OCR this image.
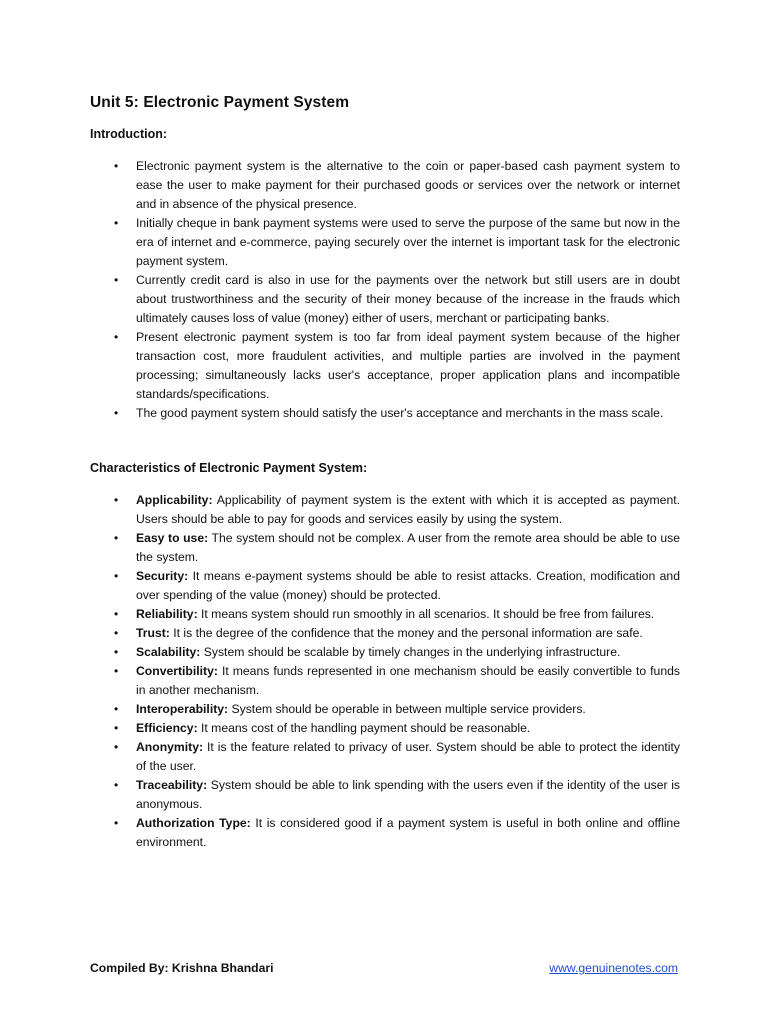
Unit 5: Electronic Payment System
Introduction:
• Electronic payment system is the alternative to the coin or paper-based cash payment system to ease the user to make payment for their purchased goods or services over the network or internet and in absence of the physical presence.
• Initially cheque in bank payment systems were used to serve the purpose of the same but now in the era of internet and e-commerce, paying securely over the internet is important task for the electronic payment system.
• Currently credit card is also in use for the payments over the network but still users are in doubt about trustworthiness and the security of their money because of the increase in the frauds which ultimately causes loss of value (money) either of users, merchant or participating banks.
• Present electronic payment system is too far from ideal payment system because of the higher transaction cost, more fraudulent activities, and multiple parties are involved in the payment processing; simultaneously lacks user's acceptance, proper application plans and incompatible standards/specifications.
• The good payment system should satisfy the user's acceptance and merchants in the mass scale.
Characteristics of Electronic Payment System:
• Applicability: Applicability of payment system is the extent with which it is accepted as payment. Users should be able to pay for goods and services easily by using the system.
• Easy to use: The system should not be complex. A user from the remote area should be able to use the system.
• Security: It means e-payment systems should be able to resist attacks. Creation, modification and over spending of the value (money) should be protected.
• Reliability: It means system should run smoothly in all scenarios. It should be free from failures.
• Trust: It is the degree of the confidence that the money and the personal information are safe.
• Scalability: System should be scalable by timely changes in the underlying infrastructure.
• Convertibility: It means funds represented in one mechanism should be easily convertible to funds in another mechanism.
• Interoperability: System should be operable in between multiple service providers.
• Efficiency: It means cost of the handling payment should be reasonable.
• Anonymity: It is the feature related to privacy of user. System should be able to protect the identity of the user.
• Traceability: System should be able to link spending with the users even if the identity of the user is anonymous.
• Authorization Type: It is considered good if a payment system is useful in both online and offline environment.
Compiled By: Krishna Bhandari	www.genuinenotes.com
